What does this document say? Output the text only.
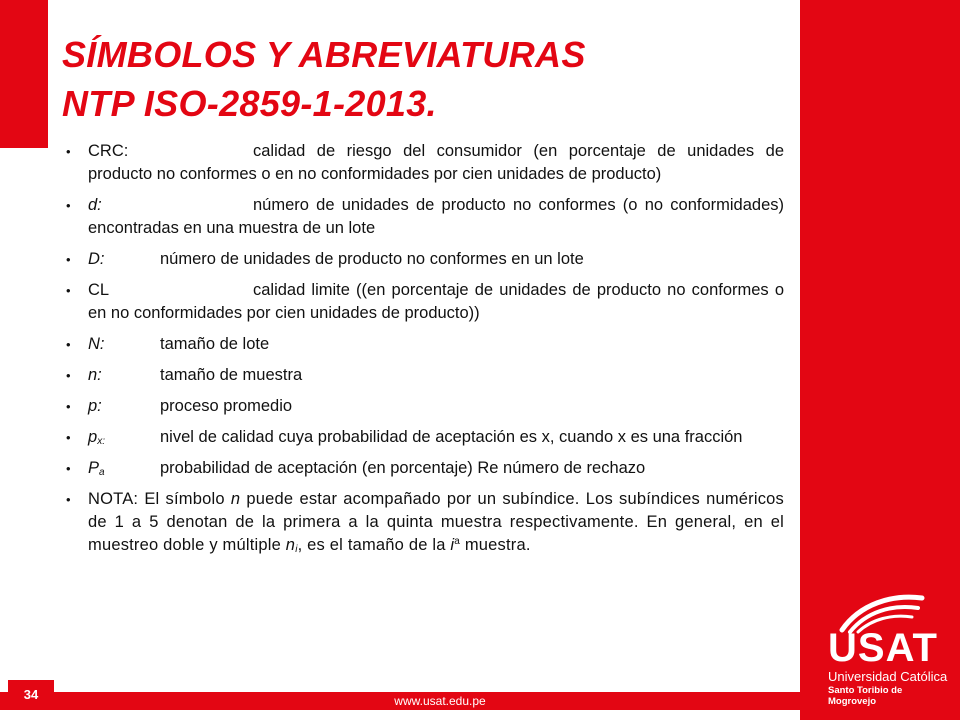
SÍMBOLOS Y ABREVIATURAS
NTP ISO-2859-1-2013.
• CRC:	calidad de riesgo del consumidor (en porcentaje de unidades de producto no conformes o en no conformidades por cien unidades de producto)
• d:	número de unidades de producto no conformes (o no conformidades) encontradas en una muestra de un lote
• D:	número de unidades de producto no conformes en un lote
• CL	calidad limite ((en porcentaje de unidades de producto no conformes o en no conformidades por cien unidades de producto))
• N:	tamaño de lote
• n:	tamaño de muestra
• p:	proceso promedio
• $p_{x:}$	nivel de calidad cuya probabilidad de aceptación es x, cuando x es una fracción
• $P_a$	probabilidad de aceptación (en porcentaje) Re número de rechazo
• NOTA: El símbolo n puede estar acompañado por un subíndice. Los subíndices numéricos de 1 a 5 denotan de la primera a la quinta muestra respectivamente. En general, en el muestreo doble y múltiple $n_i$, es el tamaño de la $i^a$ muestra.
www.usat.edu.pe
34
USAT
Universidad Católica
Santo Toribio de Mogrovejo
